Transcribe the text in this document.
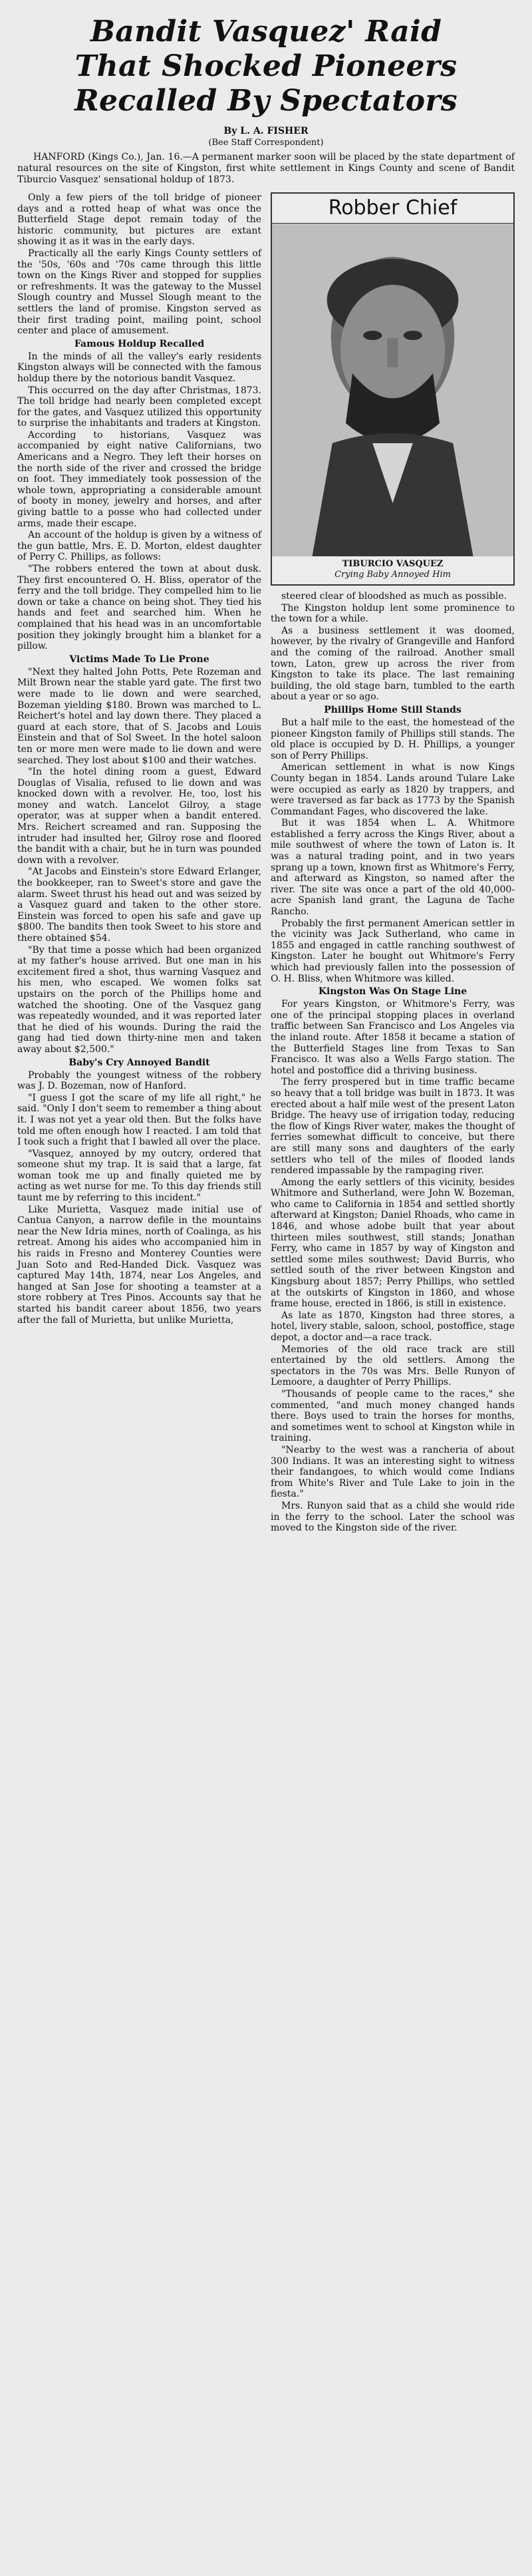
Bandit Vasquez' Raid
That Shocked Pioneers
Recalled By Spectators
By L. A. FISHER
(Bee Staff Correspondent)

HANFORD (Kings Co.), Jan. 16.—A permanent marker soon will be placed by the state department of natural resources on the site of Kingston, first white settlement in Kings County and scene of Bandit Tiburcio Vasquez' sensational holdup of 1873.

Only a few piers of the toll bridge of pioneer days and a rotted heap of what was once the Butterfield Stage depot remain today of the historic community, but pictures are extant showing it as it was in the early days.

Practically all the early Kings County settlers of the '50s, '60s and '70s came through this little town on the Kings River and stopped for supplies or refreshments. It was the gateway to the Mussel Slough country and Mussel Slough meant to the settlers the land of promise. Kingston served as their first trading point, mailing point, school center and place of amusement.

Famous Holdup Recalled

In the minds of all the valley's early residents Kingston always will be connected with the famous holdup there by the notorious bandit Vasquez.

This occurred on the day after Christmas, 1873. The toll bridge had nearly been completed except for the gates, and Vasquez utilized this opportunity to surprise the inhabitants and traders at Kingston.

According to historians, Vasquez was accompanied by eight native Californians, two Americans and a Negro. They left their horses on the north side of the river and crossed the bridge on foot. They immediately took possession of the whole town, appropriating a considerable amount of booty in money, jewelry and horses, and after giving battle to a posse who had collected under arms, made their escape.

An account of the holdup is given by a witness of the gun battle, Mrs. E. D. Morton, eldest daughter of Perry C. Phillips, as follows:

"The robbers entered the town at about dusk. They first encountered O. H. Bliss, operator of the ferry and the toll bridge. They compelled him to lie down or take a chance on being shot. They tied his hands and feet and searched him. When he complained that his head was in an uncomfortable position they jokingly brought him a blanket for a pillow.

Victims Made To Lie Prone

"Next they halted John Potts, Pete Rozeman and Milt Brown near the stable yard gate. The first two were made to lie down and were searched, Bozeman yielding $180. Brown was marched to L. Reichert's hotel and lay down there. They placed a guard at each store, that of S. Jacobs and Louis Einstein and that of Sol Sweet. In the hotel saloon ten or more men were made to lie down and were searched. They lost about $100 and their watches.

"In the hotel dining room a guest, Edward Douglas of Visalia, refused to lie down and was knocked down with a revolver. He, too, lost his money and watch. Lancelot Gilroy, a stage operator, was at supper when a bandit entered. Mrs. Reichert screamed and ran. Supposing the intruder had insulted her, Gilroy rose and floored the bandit with a chair, but he in turn was pounded down with a revolver.

"At Jacobs and Einstein's store Edward Erlanger, the bookkeeper, ran to Sweet's store and gave the alarm. Sweet thrust his head out and was seized by a Vasquez guard and taken to the other store. Einstein was forced to open his safe and gave up $800. The bandits then took Sweet to his store and there obtained $54.

"By that time a posse which had been organized at my father's house arrived. But one man in his excitement fired a shot, thus warning Vasquez and his men, who escaped. We women folks sat upstairs on the porch of the Phillips home and watched the shooting. One of the Vasquez gang was repeatedly wounded, and it was reported later that he died of his wounds. During the raid the gang had tied down thirty-nine men and taken away about $2,500."

Baby's Cry Annoyed Bandit

Probably the youngest witness of the robbery was J. D. Bozeman, now of Hanford.

"I guess I got the scare of my life all right," he said. "Only I don't seem to remember a thing about it. I was not yet a year old then. But the folks have told me often enough how I reacted. I am told that I took such a fright that I bawled all over the place.

"Vasquez, annoyed by my outcry, ordered that someone shut my trap. It is said that a large, fat woman took me up and finally quieted me by acting as wet nurse for me. To this day friends still taunt me by referring to this incident."

Like Murietta, Vasquez made initial use of Cantua Canyon, a narrow defile in the mountains near the New Idria mines, north of Coalinga, as his retreat. Among his aides who accompanied him in his raids in Fresno and Monterey Counties were Juan Soto and Red-Handed Dick. Vasquez was captured May 14th, 1874, near Los Angeles, and hanged at San Jose for shooting a teamster at a store robbery at Tres Pinos. Accounts say that he started his bandit career about 1856, two years after the fall of Murietta, but unlike Murietta,

Robber Chief
TIBURCIO VASQUEZ
Crying Baby Annoyed Him

steered clear of bloodshed as much as possible.

The Kingston holdup lent some prominence to the town for a while.

As a business settlement it was doomed, however, by the rivalry of Grangeville and Hanford and the coming of the railroad. Another small town, Laton, grew up across the river from Kingston to take its place. The last remaining building, the old stage barn, tumbled to the earth about a year or so ago.

Phillips Home Still Stands

But a half mile to the east, the homestead of the pioneer Kingston family of Phillips still stands. The old place is occupied by D. H. Phillips, a younger son of Perry Phillips.

American settlement in what is now Kings County began in 1854. Lands around Tulare Lake were occupied as early as 1820 by trappers, and were traversed as far back as 1773 by the Spanish Commandant Fages, who discovered the lake.

But it was 1854 when L. A. Whitmore established a ferry across the Kings River, about a mile southwest of where the town of Laton is. It was a natural trading point, and in two years sprang up a town, known first as Whitmore's Ferry, and afterward as Kingston, so named after the river. The site was once a part of the old 40,000-acre Spanish land grant, the Laguna de Tache Rancho.

Probably the first permanent American settler in the vicinity was Jack Sutherland, who came in 1855 and engaged in cattle ranching southwest of Kingston. Later he bought out Whitmore's Ferry which had previously fallen into the possession of O. H. Bliss, when Whitmore was killed.

Kingston Was On Stage Line

For years Kingston, or Whitmore's Ferry, was one of the principal stopping places in overland traffic between San Francisco and Los Angeles via the inland route. After 1858 it became a station of the Butterfield Stages line from Texas to San Francisco. It was also a Wells Fargo station. The hotel and postoffice did a thriving business.

The ferry prospered but in time traffic became so heavy that a toll bridge was built in 1873. It was erected about a half mile west of the present Laton Bridge. The heavy use of irrigation today, reducing the flow of Kings River water, makes the thought of ferries somewhat difficult to conceive, but there are still many sons and daughters of the early settlers who tell of the miles of flooded lands rendered impassable by the rampaging river.

Among the early settlers of this vicinity, besides Whitmore and Sutherland, were John W. Bozeman, who came to California in 1854 and settled shortly afterward at Kingston; Daniel Rhoads, who came in 1846, and whose adobe built that year about thirteen miles southwest, still stands; Jonathan Ferry, who came in 1857 by way of Kingston and settled some miles southwest; David Burris, who settled south of the river between Kingston and Kingsburg about 1857; Perry Phillips, who settled at the outskirts of Kingston in 1860, and whose frame house, erected in 1866, is still in existence.

As late as 1870, Kingston had three stores, a hotel, livery stable, saloon, school, postoffice, stage depot, a doctor and—a race track.

Memories of the old race track are still entertained by the old settlers. Among the spectators in the 70s was Mrs. Belle Runyon of Lemoore, a daughter of Perry Phillips.

"Thousands of people came to the races," she commented, "and much money changed hands there. Boys used to train the horses for months, and sometimes went to school at Kingston while in training.

"Nearby to the west was a rancheria of about 300 Indians. It was an interesting sight to witness their fandangoes, to which would come Indians from White's River and Tule Lake to join in the fiesta."

Mrs. Runyon said that as a child she would ride in the ferry to the school. Later the school was moved to the Kingston side of the river.
